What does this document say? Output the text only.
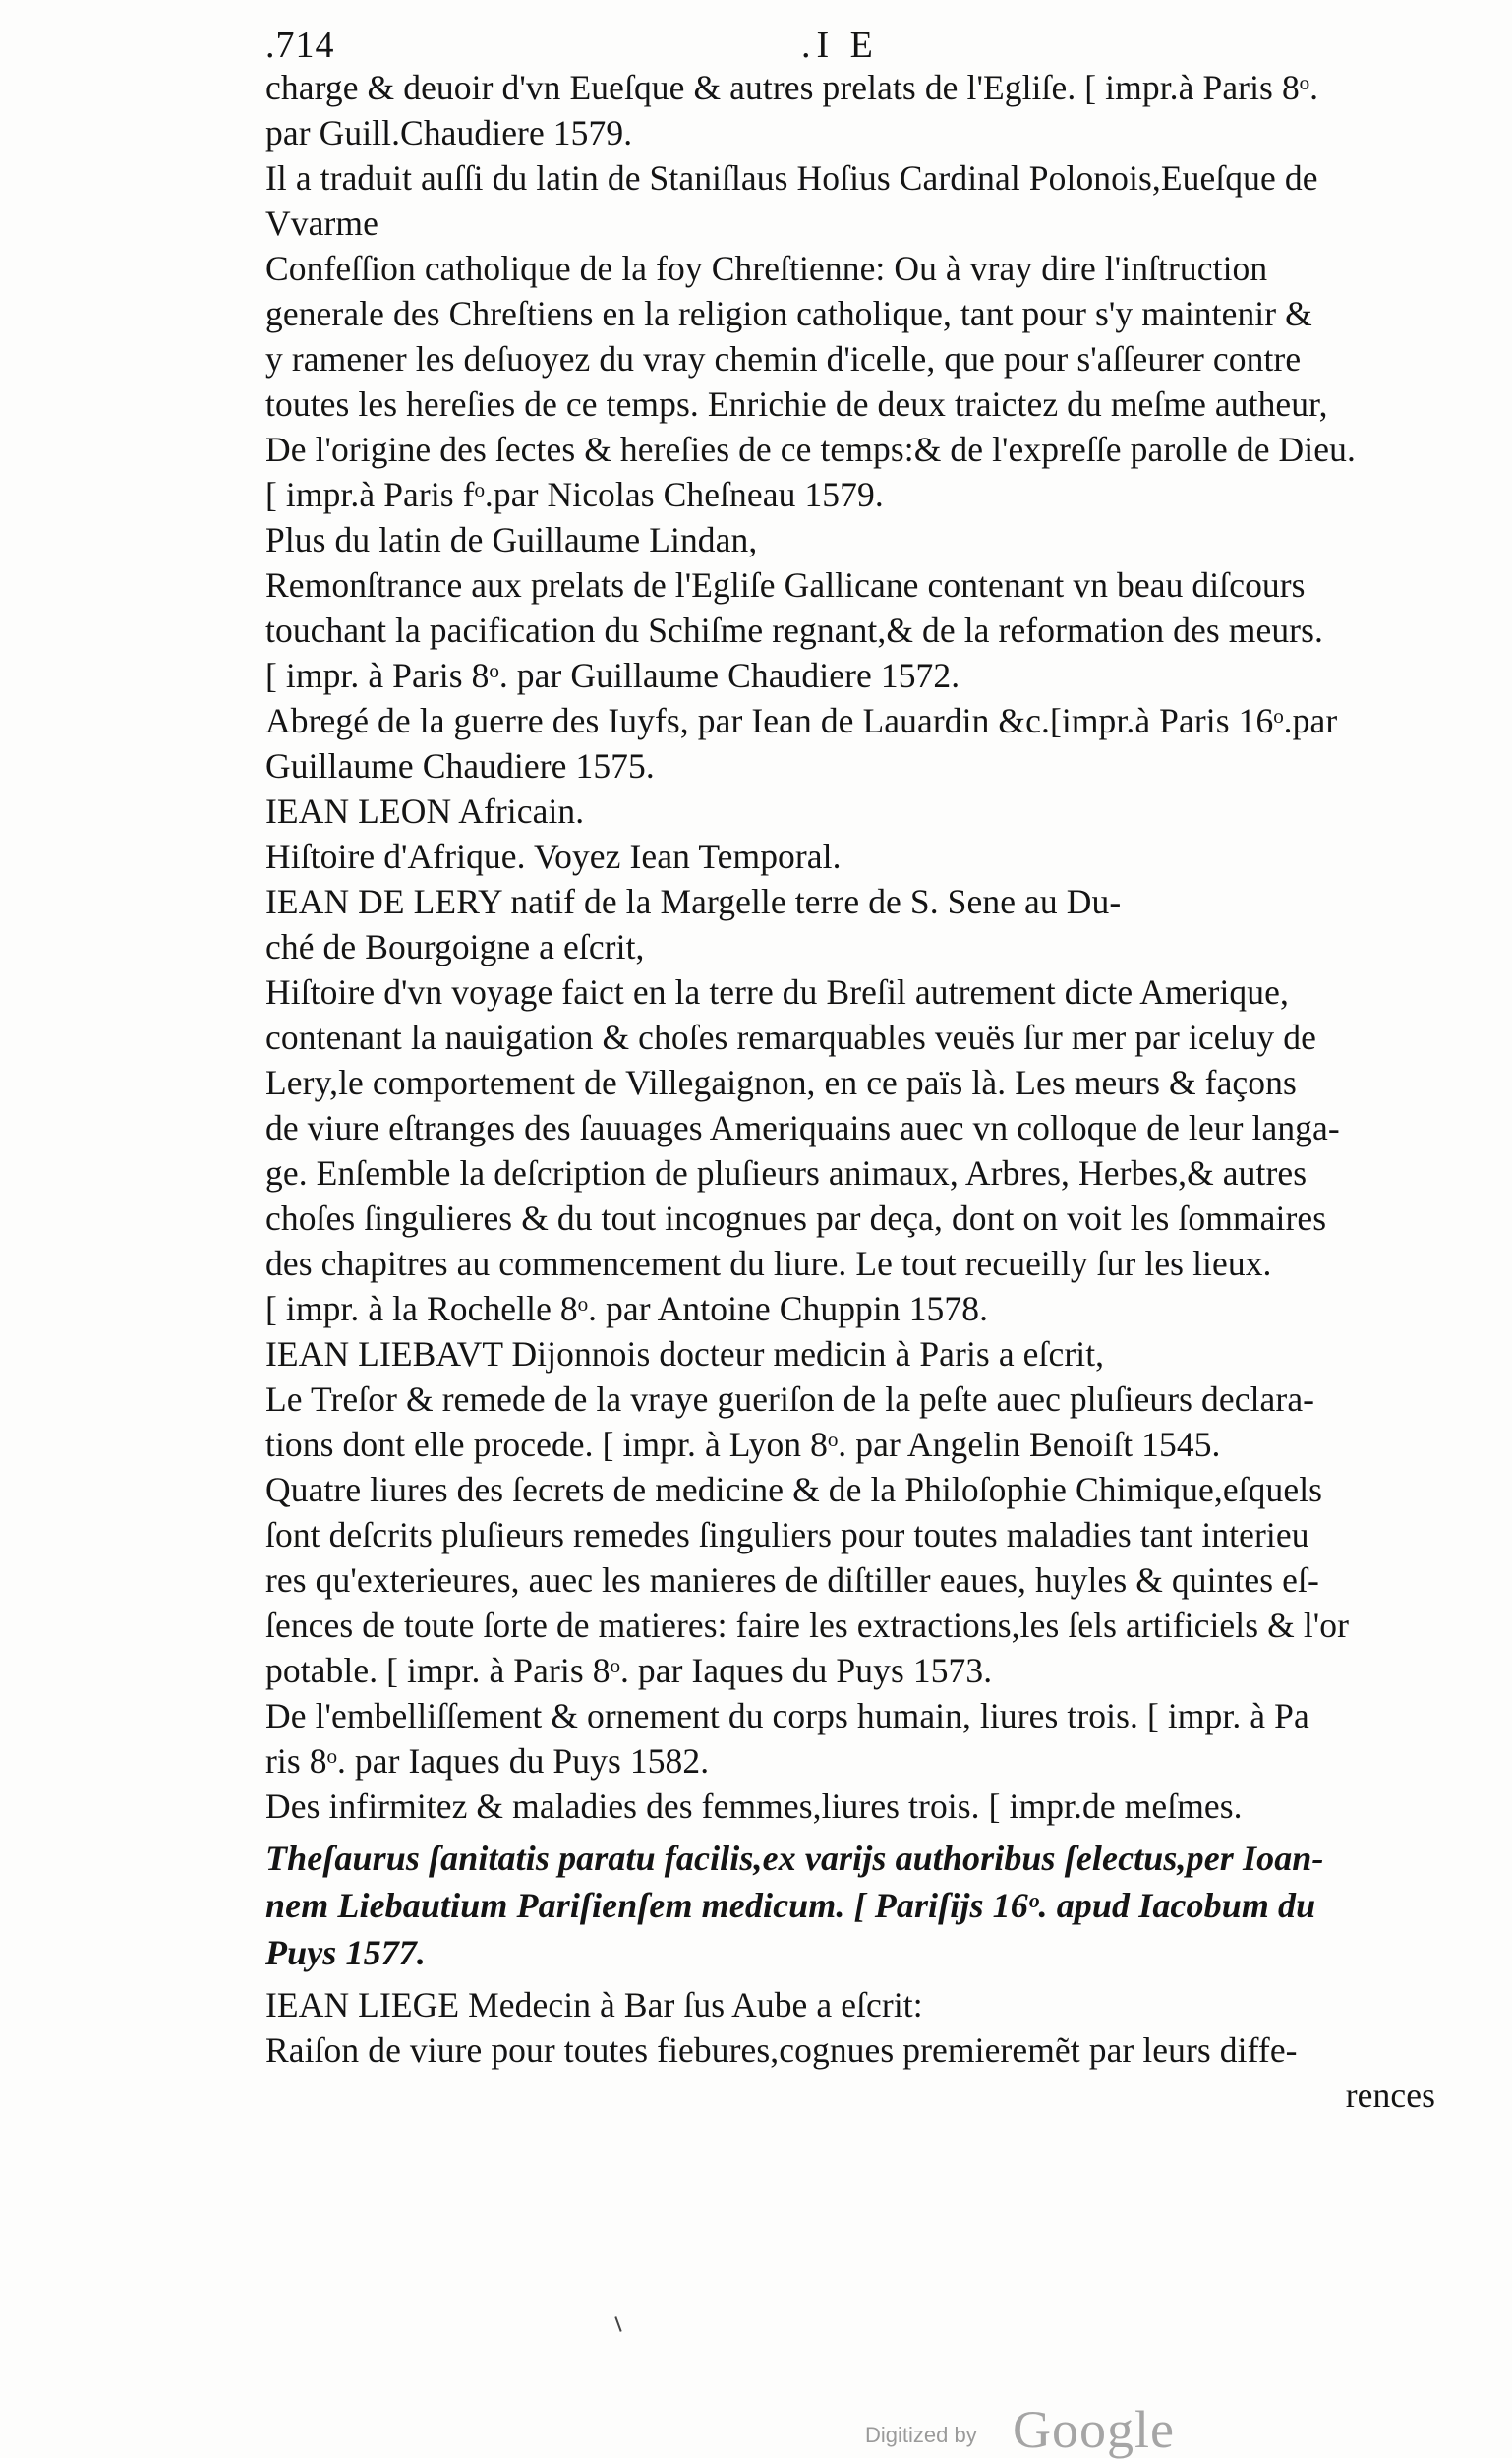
.714	.I E
charge & deuoir d'vn Eueſque & autres prelats de l'Egliſe. [ impr.à Paris 8ᵒ.
par Guill.Chaudiere 1579.
Il a traduit auſſi du latin de Staniſlaus Hoſius Cardinal Polonois,Eueſque de
Vvarme
Confeſſion catholique de la foy Chreſtienne: Ou à vray dire l'inſtruction
generale des Chreſtiens en la religion catholique, tant pour s'y maintenir &
y ramener les deſuoyez du vray chemin d'icelle, que pour s'aſſeurer contre
toutes les hereſies de ce temps. Enrichie de deux traictez du meſme autheur,
De l'origine des ſectes & hereſies de ce temps:& de l'expreſſe parolle de Dieu.
[ impr.à Paris fᵒ.par Nicolas Cheſneau 1579.
Plus du latin de Guillaume Lindan,
Remonſtrance aux prelats de l'Egliſe Gallicane contenant vn beau diſcours
touchant la pacification du Schiſme regnant,& de la reformation des meurs.
[ impr. à Paris 8ᵒ. par Guillaume Chaudiere 1572.
Abregé de la guerre des Iuyfs, par Iean de Lauardin &c.[impr.à Paris 16ᵒ.par
Guillaume Chaudiere 1575.
IEAN LEON Africain.
Hiſtoire d'Afrique. Voyez Iean Temporal.
IEAN DE LERY natif de la Margelle terre de S. Sene au Du-
ché de Bourgoigne a eſcrit,
Hiſtoire d'vn voyage faict en la terre du Breſil autrement dicte Amerique,
contenant la nauigation & choſes remarquables veuës ſur mer par iceluy de
Lery,le comportement de Villegaignon, en ce païs là. Les meurs & façons
de viure eſtranges des ſauuages Ameriquains auec vn colloque de leur langa-
ge. Enſemble la deſcription de pluſieurs animaux, Arbres, Herbes,& autres
choſes ſingulieres & du tout incognues par deça, dont on voit les ſommaires
des chapitres au commencement du liure. Le tout recueilly ſur les lieux.
[ impr. à la Rochelle 8ᵒ. par Antoine Chuppin 1578.
IEAN LIEBAVT Dijonnois docteur medicin à Paris a eſcrit,
Le Treſor & remede de la vraye gueriſon de la peſte auec pluſieurs declara-
tions dont elle procede. [ impr. à Lyon 8ᵒ. par Angelin Benoiſt 1545.
Quatre liures des ſecrets de medicine & de la Philoſophie Chimique,eſquels
ſont deſcrits pluſieurs remedes ſinguliers pour toutes maladies tant interieu
res qu'exterieures, auec les manieres de diſtiller eaues, huyles & quintes eſ-
ſences de toute ſorte de matieres: faire les extractions,les ſels artificiels & l'or
potable. [ impr. à Paris 8ᵒ. par Iaques du Puys 1573.
De l'embelliſſement & ornement du corps humain, liures trois. [ impr. à Pa
ris 8ᵒ. par Iaques du Puys 1582.
Des infirmitez & maladies des femmes,liures trois. [ impr.de meſmes.
Theſaurus ſanitatis paratu facilis,ex varijs authoribus ſelectus,per Ioan-
nem Liebautium Pariſienſem medicum. [ Pariſijs 16ᵒ. apud Iacobum du
Puys 1577.
IEAN LIEGE Medecin à Bar ſus Aube a eſcrit:
Raiſon de viure pour toutes fiebures,cognues premieremẽt par leurs diffe-
rences
Digitized by Google
